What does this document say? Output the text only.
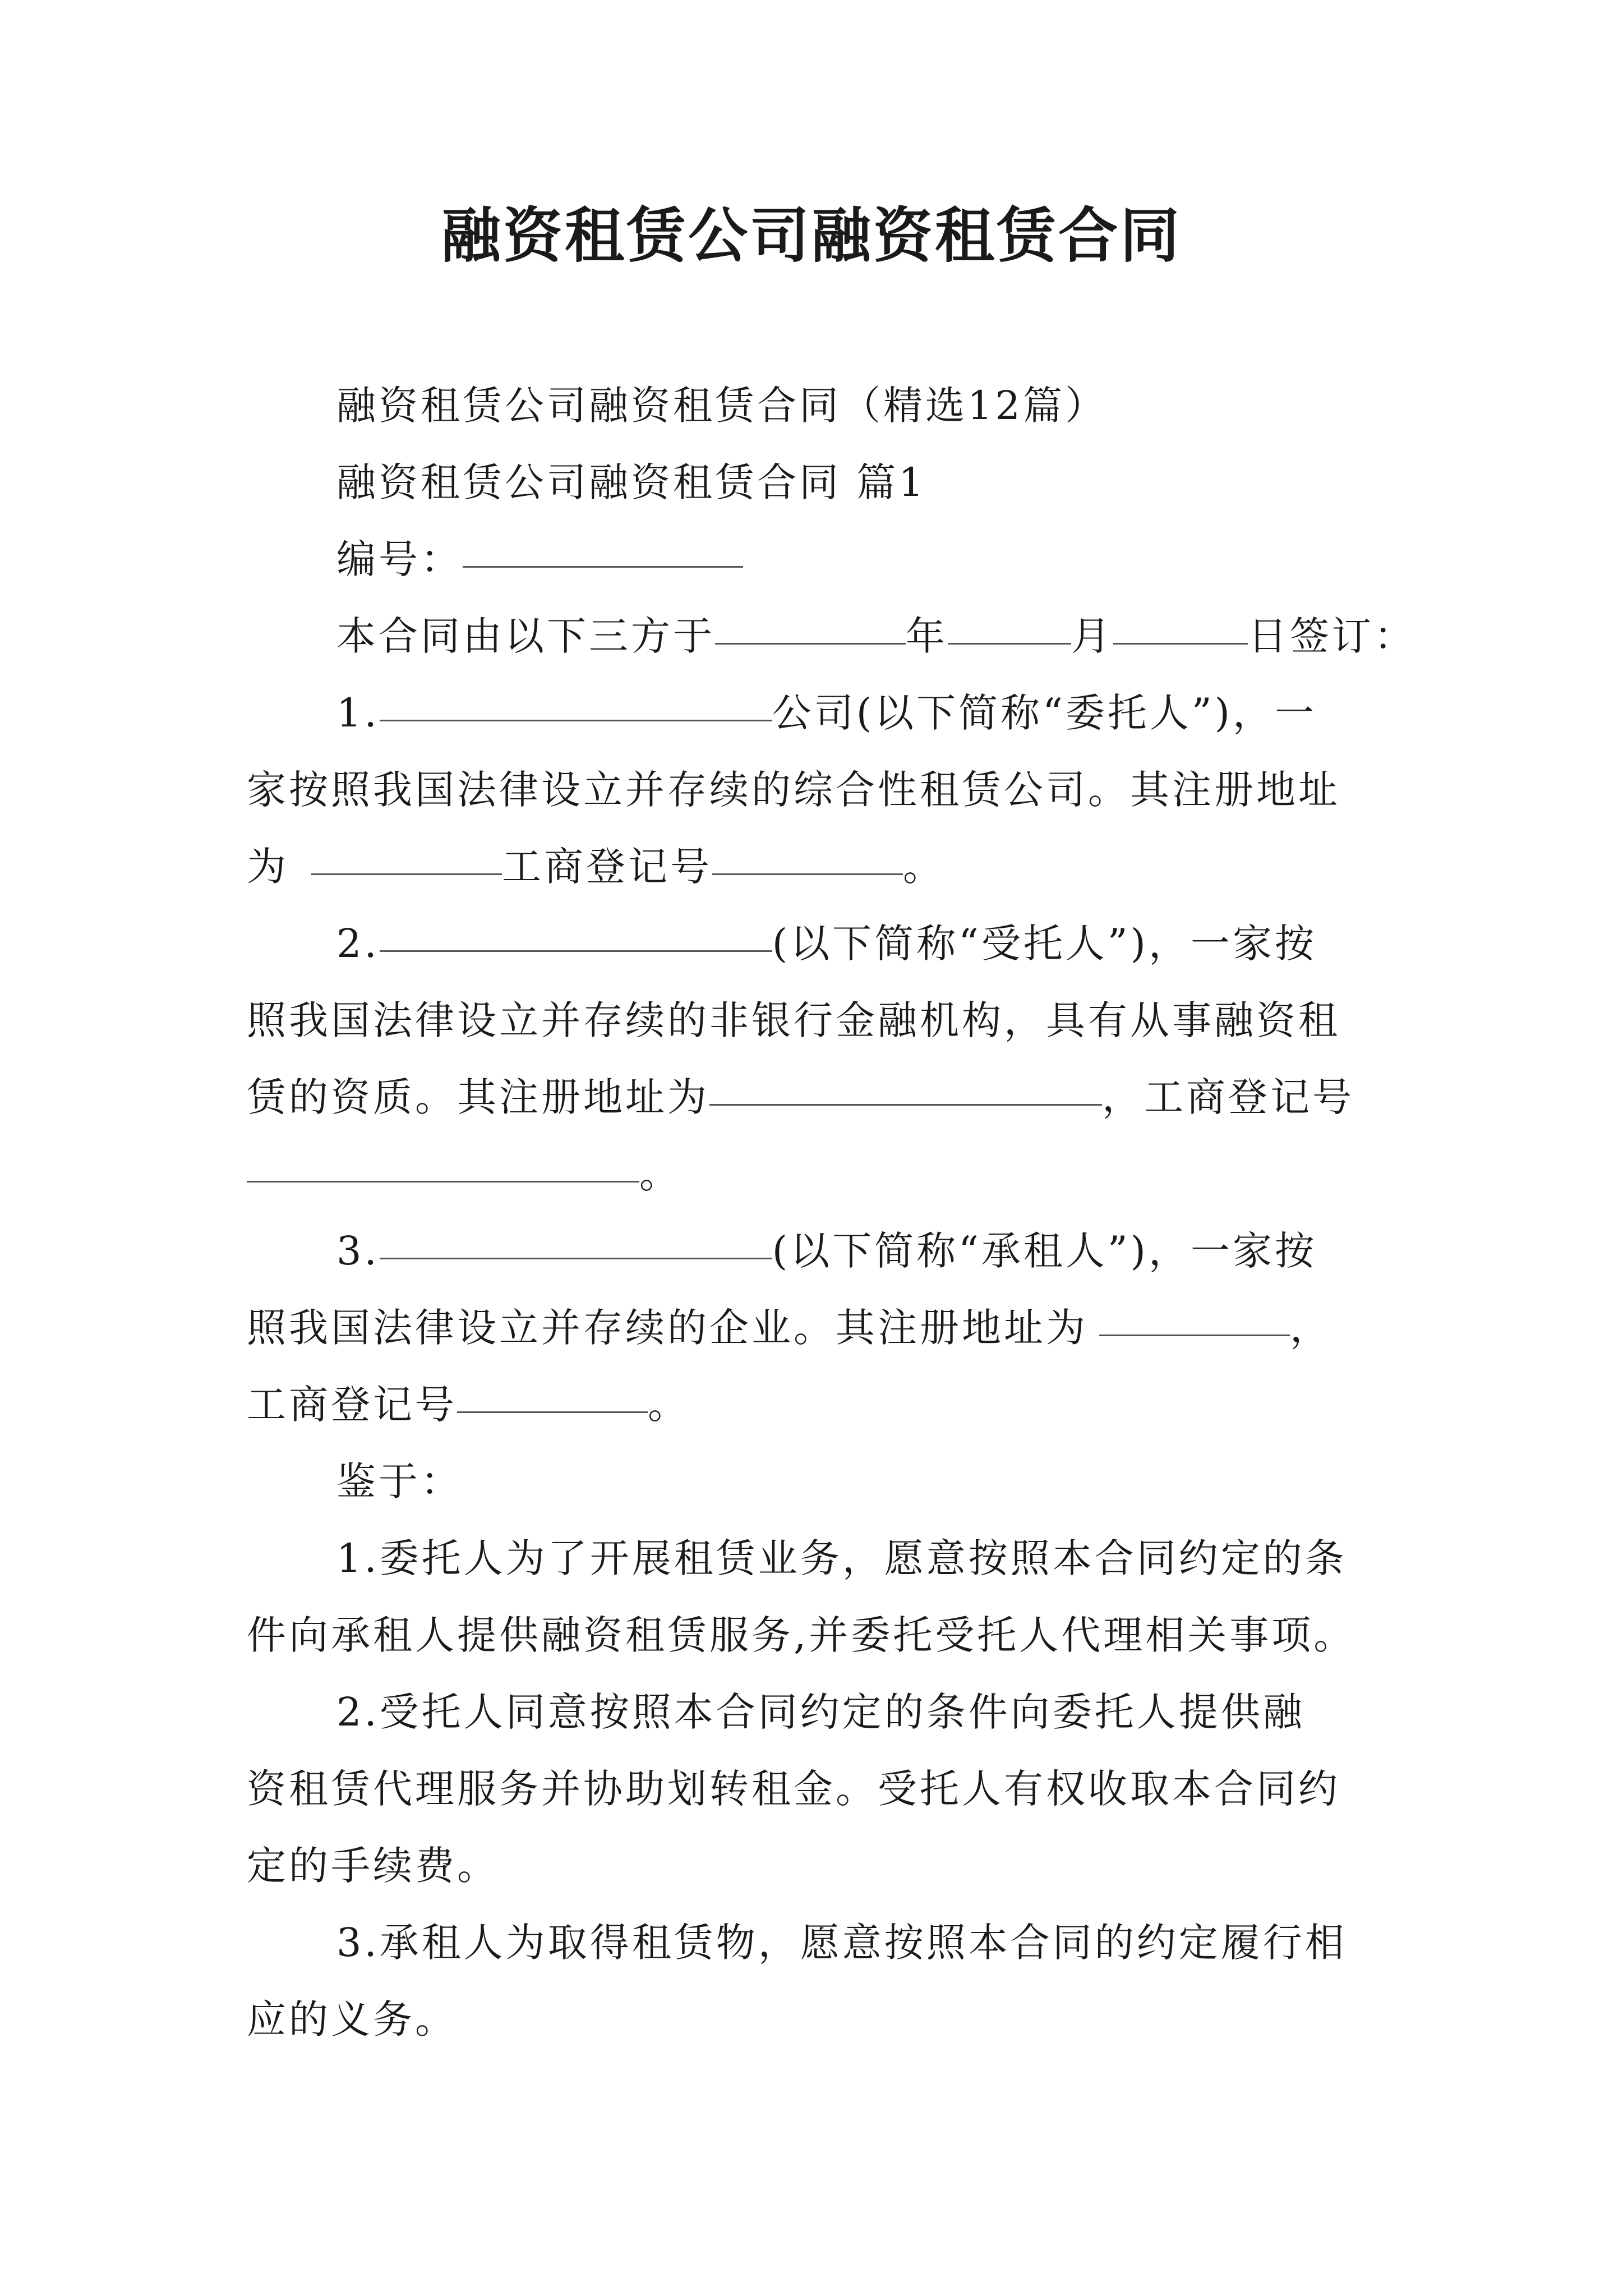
融资租赁公司融资租赁合同
融资租赁公司融资租赁合同（精选12篇）
融资租赁公司融资租赁合同 篇1
编号：
本合同由以下三方于	年	月	日签订：
1.	公司(以下简称“委托人”)，一
家按照我国法律设立并存续的综合性租赁公司。其注册地址
为	工商登记号	。
2.	(以下简称“受托人”)，一家按
照我国法律设立并存续的非银行金融机构，具有从事融资租
赁的资质。其注册地址为	，工商登记号
。
3.	(以下简称“承租人”)，一家按
照我国法律设立并存续的企业。其注册地址为	，
工商登记号	。
鉴于：
1.委托人为了开展租赁业务，愿意按照本合同约定的条
件向承租人提供融资租赁服务,并委托受托人代理相关事项。
2.受托人同意按照本合同约定的条件向委托人提供融
资租赁代理服务并协助划转租金。受托人有权收取本合同约
定的手续费。
3.承租人为取得租赁物，愿意按照本合同的约定履行相
应的义务。
